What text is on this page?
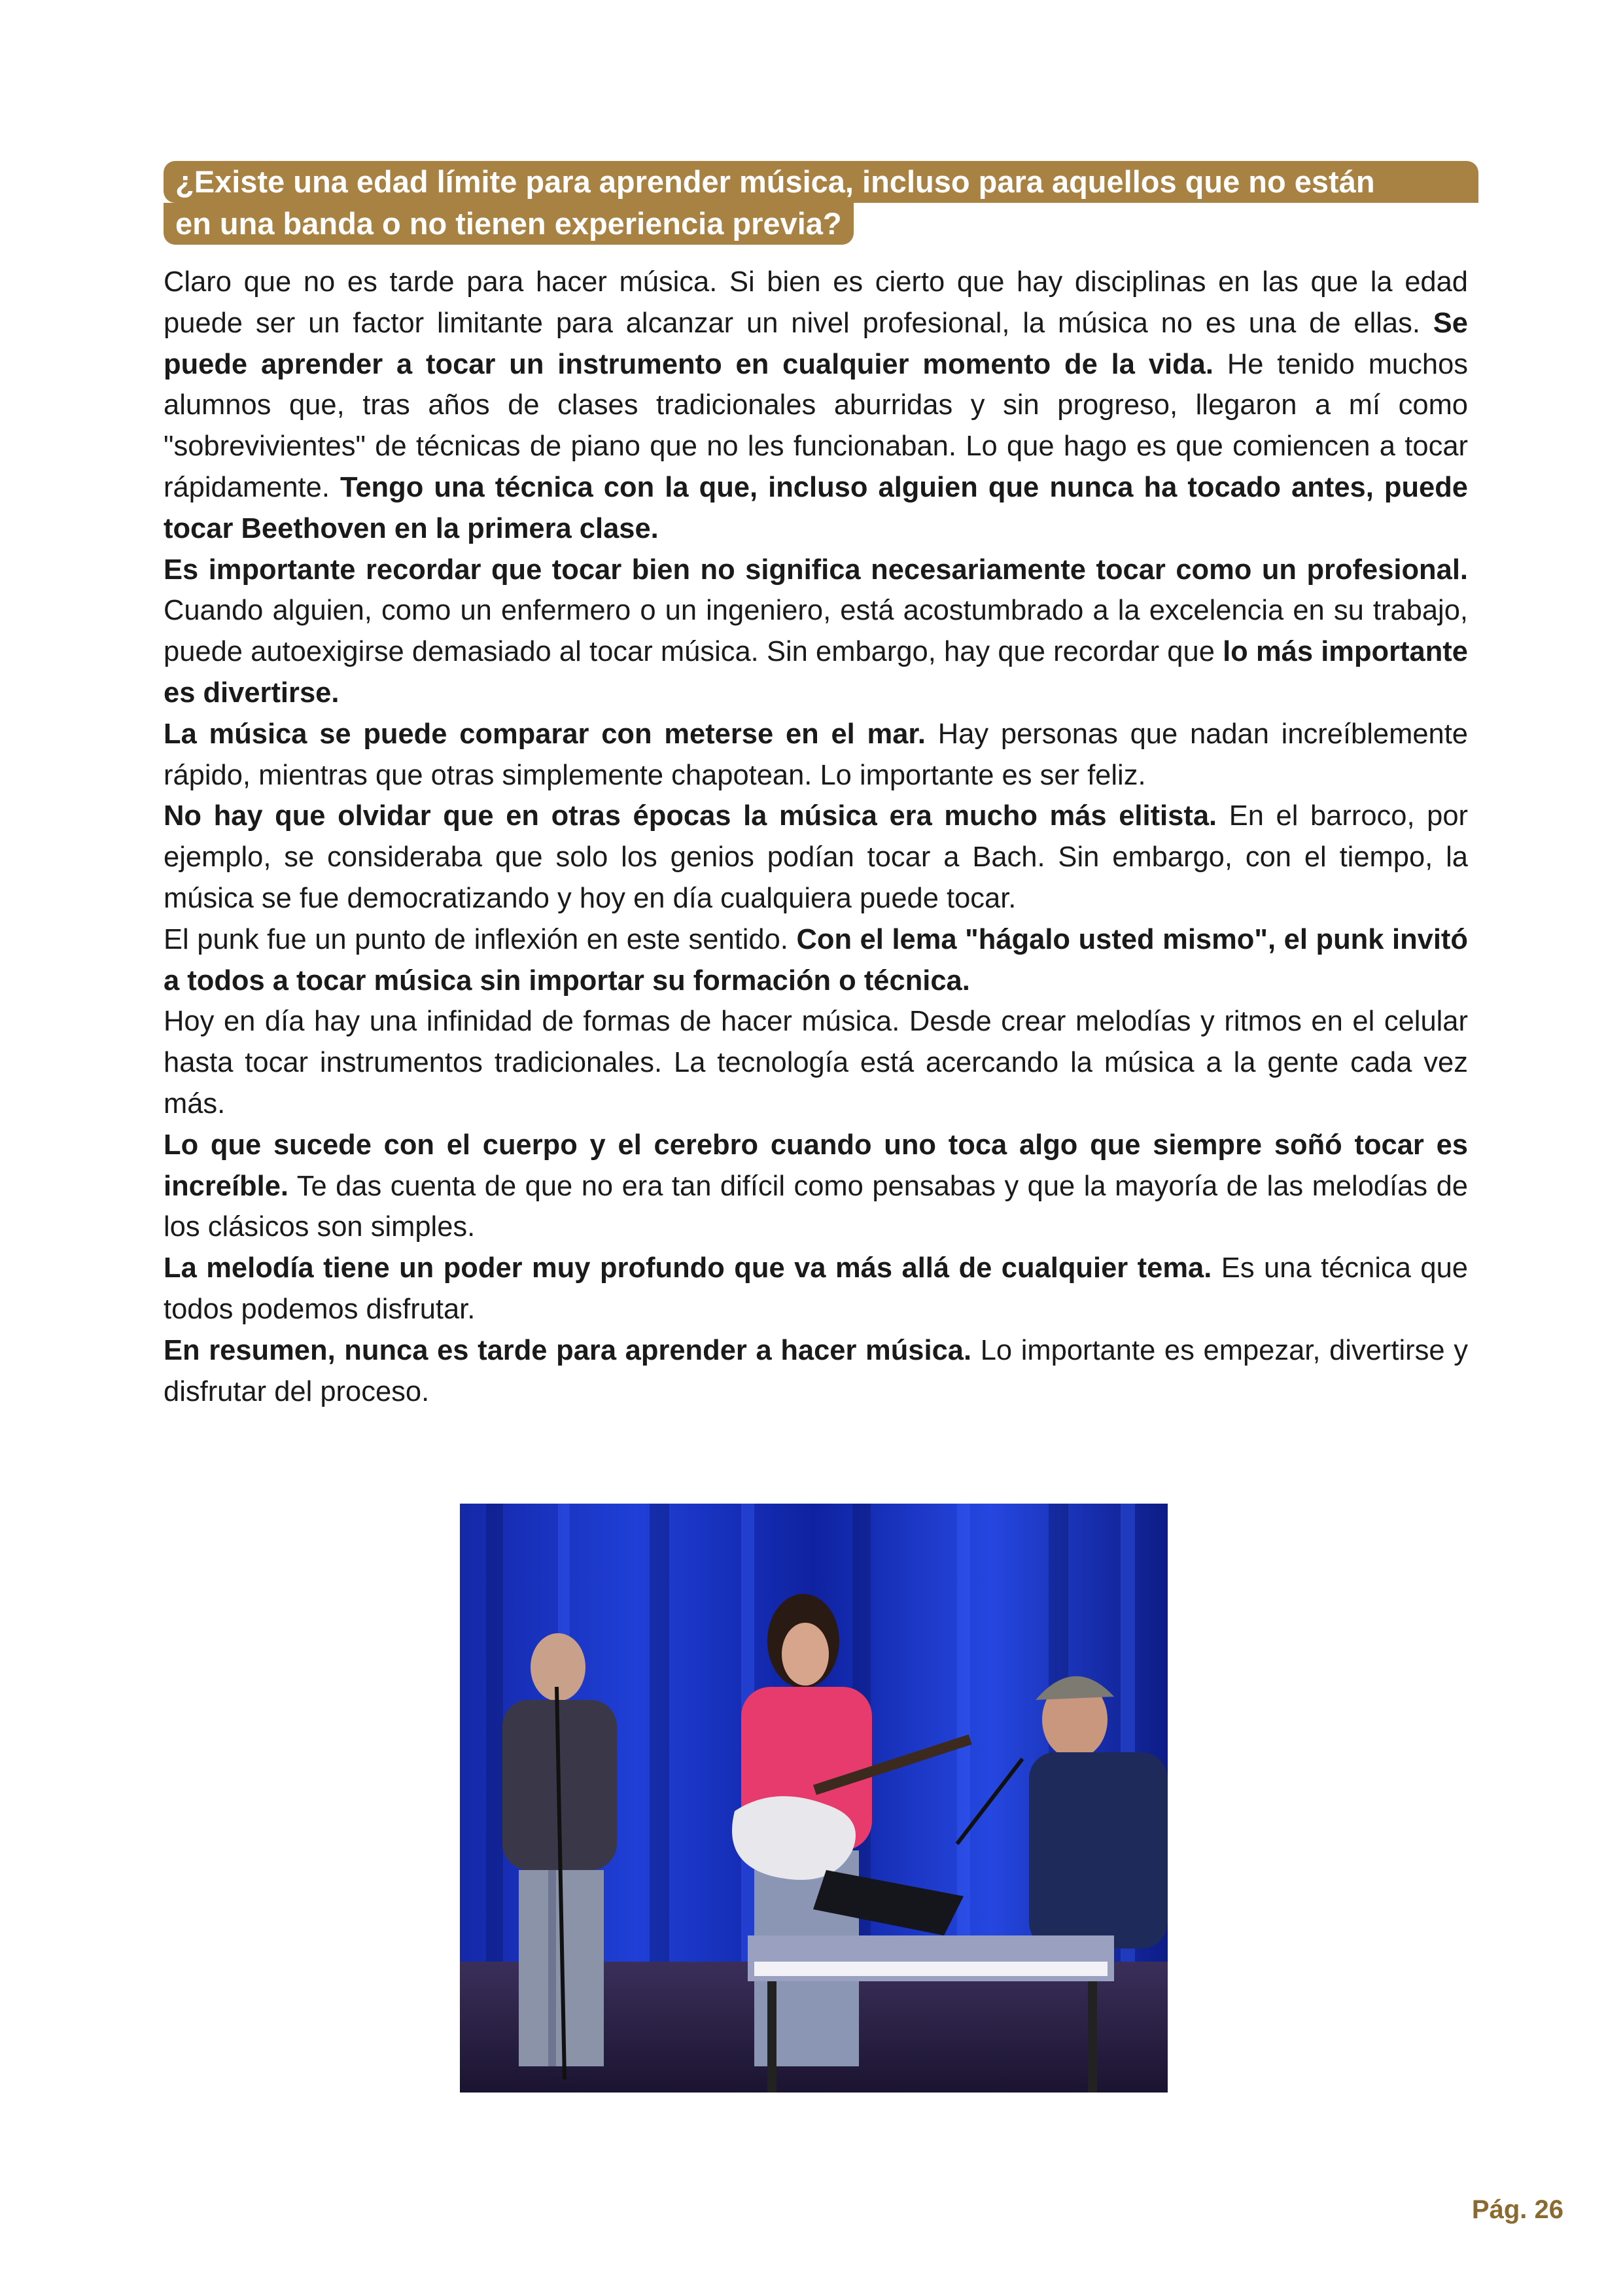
¿Existe una edad límite para aprender música, incluso para aquellos que no están
en una banda o no tienen experiencia previa?

Claro que no es tarde para hacer música. Si bien es cierto que hay disciplinas en las que la edad puede ser un factor limitante para alcanzar un nivel profesional, la música no es una de ellas. Se puede aprender a tocar un instrumento en cualquier momento de la vida. He tenido muchos alumnos que, tras años de clases tradicionales aburridas y sin progreso, llegaron a mí como "sobrevivientes" de técnicas de piano que no les funcionaban. Lo que hago es que comiencen a tocar rápidamente. Tengo una técnica con la que, incluso alguien que nunca ha tocado antes, puede tocar Beethoven en la primera clase.

Es importante recordar que tocar bien no significa necesariamente tocar como un profesional. Cuando alguien, como un enfermero o un ingeniero, está acostumbrado a la excelencia en su trabajo, puede autoexigirse demasiado al tocar música. Sin embargo, hay que recordar que lo más importante es divertirse.

La música se puede comparar con meterse en el mar. Hay personas que nadan increíblemente rápido, mientras que otras simplemente chapotean. Lo importante es ser feliz.

No hay que olvidar que en otras épocas la música era mucho más elitista. En el barroco, por ejemplo, se consideraba que solo los genios podían tocar a Bach. Sin embargo, con el tiempo, la música se fue democratizando y hoy en día cualquiera puede tocar.

El punk fue un punto de inflexión en este sentido. Con el lema "hágalo usted mismo", el punk invitó a todos a tocar música sin importar su formación o técnica.

Hoy en día hay una infinidad de formas de hacer música. Desde crear melodías y ritmos en el celular hasta tocar instrumentos tradicionales. La tecnología está acercando la música a la gente cada vez más.

Lo que sucede con el cuerpo y el cerebro cuando uno toca algo que siempre soñó tocar es increíble. Te das cuenta de que no era tan difícil como pensabas y que la mayoría de las melodías de los clásicos son simples.

La melodía tiene un poder muy profundo que va más allá de cualquier tema. Es una técnica que todos podemos disfrutar.

En resumen, nunca es tarde para aprender a hacer música. Lo importante es empezar, divertirse y disfrutar del proceso.

Pág. 26
